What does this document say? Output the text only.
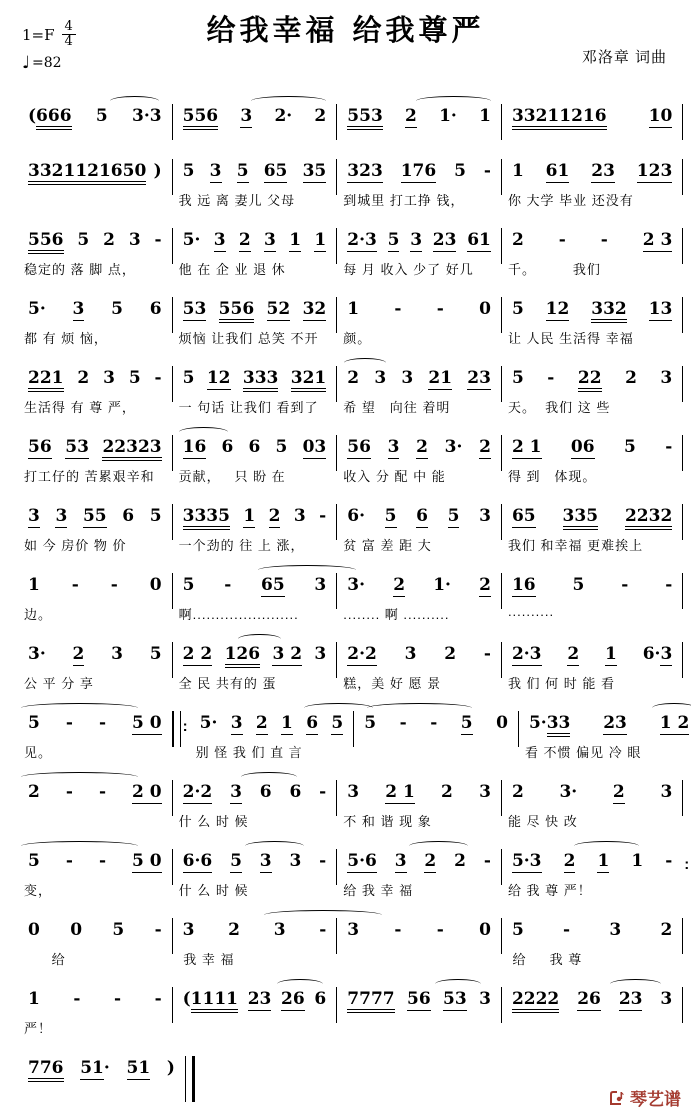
$1=F \frac{4}{4}$
♩ =82
给我幸福 给我尊严
邓洛章 词曲
(666 5 3·3 556 3 2· 2 553 2 1· 1 33211216 10
3321121650 ) 5 3 5 65 35
我 远 离 妻儿 父母
323 176 5 -
到城里 打工挣 钱，
1 61 23 123
你 大学 毕业 还没有
556 5 2 3 -
稳定的 落 脚 点，
5· 3 2 3 1 1
他 在 企 业 退 休
2·3 5 3 23 61
每 月 收入 少了 好几
2 - - 2 3
千。        我们
5· 3 5 6
都 有 烦 恼，
53 556 52 32
烦恼 让我们 总笑 不开
1 - - 0
颜。
5 12 332 13
让 人民 生活得 幸福
221 2 3 5 -
生活得 有 尊 严，
5 12 333 321
一 句话 让我们 看到了
2 3 3 21 23
希 望   向往 着明
5 - 22 2 3
天。  我们 这 些
56 53 22323
打工仔的 苦累艰辛和
16 6 6 5 03
贡献，   只 盼 在
56 3 2 3· 2
收入 分 配 中 能
2 1 06 5 -
得 到   体现。
3 3 55 6 5
如 今 房价 物 价
3335 1 2 3 -
一个劲的 往 上 涨，
6· 5 6 5 3
贫 富 差 距 大
65 335 2232
我们 和幸福 更难挨上
1 - - 0
边。
5 - 65 3
啊.......................
3· 2 1· 2
........ 啊 ..........
16 5 - -
..........
3· 2 3 5
公 平 分 享
2 2 126 3 2 3
全 民 共有的 蛋
2·2 3 2 -
糕，美 好 愿 景
2·3 2 1 6·3
我 们 何 时 能 看
5 - - 5 0
见。
:
5· 3 2 1 6 5
别 怪 我 们 直 言
5 - - 5 0 5·33 23 1 2
看 不惯 偏见 冷 眼
2 - - 2 0 2·2 3 6 6 -
什 么 时 候
3 2 1 2 3
不 和 谐 现 象
2 3· 2 3
能 尽 快 改
5 - - 5 0
变，
6·6 5 3 3 -
什 么 时 候
5·6 3 2 2 -
给 我 幸 福
5·3 2 1 1 -
给 我 尊 严！
0 0 5 -
给
3 2 3 -
我 幸 福
3 - - 0 5 - 3 2
给     我 尊
1 - - -
严！
(1111 23 26 6 7777 56 53 3 2222 26 23 3
776 51· 51 )
琴艺谱
